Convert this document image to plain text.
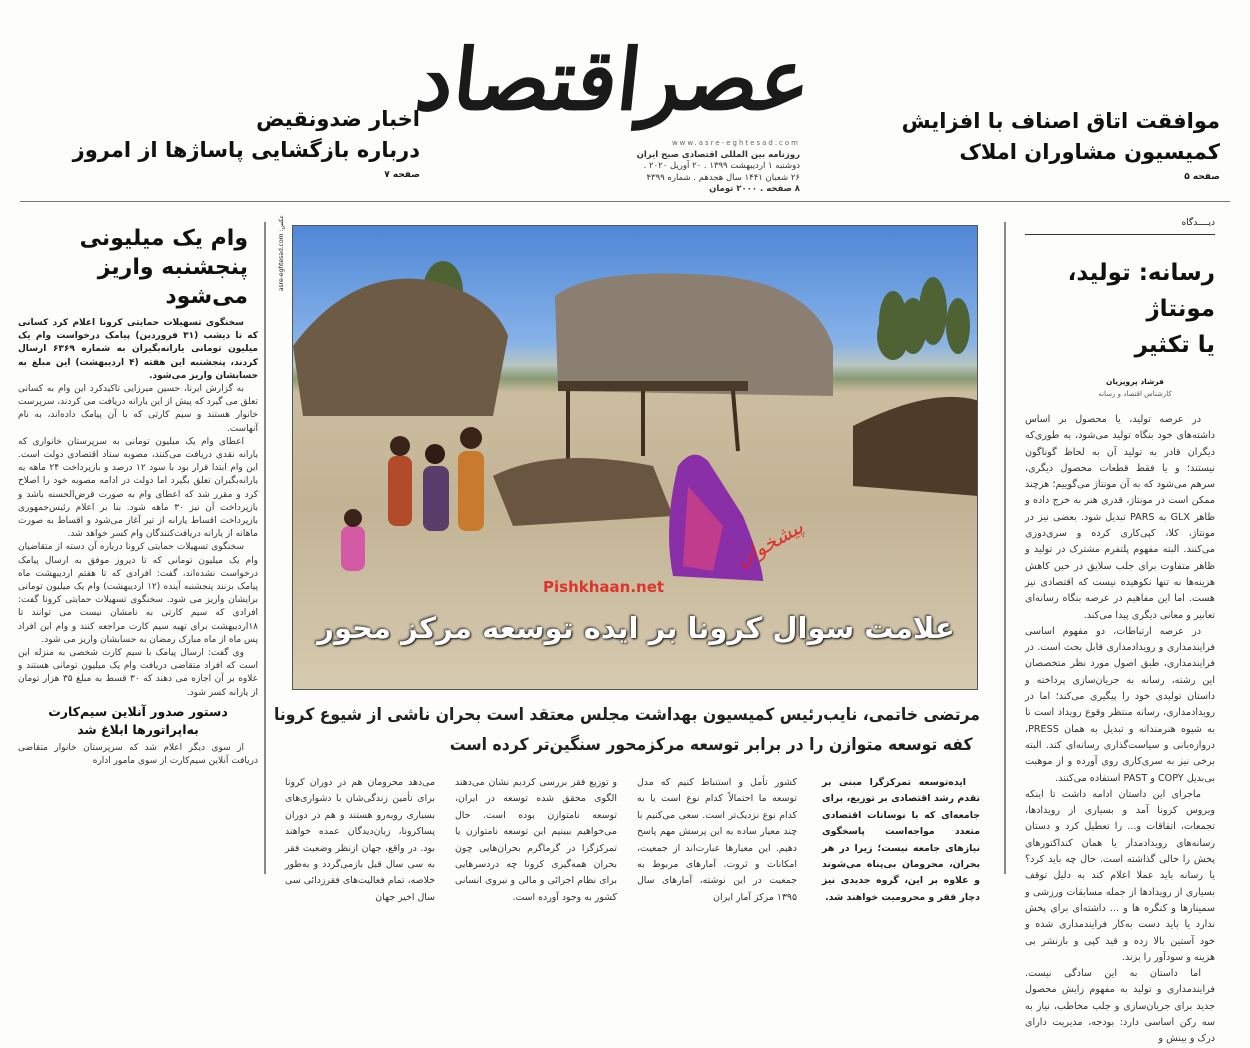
عصراقتصاد
www.asre-eghtesad.com
روزنامه بین المللی اقتصادی صبح ایران
دوشنبه ۱ اردیبهشت ۱۳۹۹ . ۲۰ آوریل ۲۰۲۰ .
۲۶ شعبان ۱۴۴۱ سال هجدهم . شماره ۴۳۹۹
۸ صفحه . ۲۰۰۰ تومان
موافقت اتاق اصناف با افزایش
کمیسیون مشاوران املاک
صفحه ۵
اخبار ضدونقیض
درباره بازگشایی پاساژها از امروز
صفحه ۷
دیــــدگاه
رسانه: تولید، مونتاژ
یا تکثیر
فرشاد پرویزیان
کارشناس اقتصاد و رسانه

در عرصه تولید، یا محصول بر اساس داشته‌های خود بنگاه تولید می‌شود، به طوری‌که دیگران قادر به تولید آن به لحاظ گوناگون نیستند؛ و یا فقط قطعات محصول دیگری، سرهم می‌شود که به آن مونتاژ می‌گوییم؛ هرچند ممکن است در مونتاژ، قدری هنر به خرج داده و ظاهر GLX به PARS تبدیل شود. بعضی نیز در مونتاژ، کلا، کپی‌کاری کرده و سری‌دوزی می‌کنند. البته مفهوم پلتفرم مشترک در تولید و ظاهر متفاوت برای جلب سلایق در حین کاهش هزینه‌ها نه تنها نکوهیده نیست که اقتصادی نیز هست. اما این مفاهیم در عرصه بنگاه رسانه‌ای تعابیر و معانی دیگری پیدا می‌کند.

در عرصه ارتباطات، دو مفهوم اساسی فرایندمداری و رویدادمداری قابل بحث است. در فرایندمداری، طبق اصول مورد نظر متخصصان این رشته، رسانه به جریان‌سازی پرداخته و داستان تولیدی خود را پیگیری می‌کند؛ اما در رویدادمداری، رسانه منتظر وقوع رویداد است تا به شیوه هنرمندانه و تبدیل به همان PRESS، دروازه‌بانی و سیاست‌گذاری رسانه‌ای کند. البته برخی نیز به سری‌کاری روی آورده و از موهبت بی‌بدیل COPY و PAST استفاده می‌کنند.

ماجرای این داستان ادامه داشت تا اینکه ویروس کرونا آمد و بسیاری از رویدادها، تجمعات، اتفاقات و... را تعطیل کرد و دستان رسانه‌های رویدادمدار یا همان کنداکتورهای پخش را خالی گذاشته است. حال چه باید کرد؟ یا رسانه باید عملا اعلام کند به دلیل توقف بسیاری از رویدادها از جمله مسابقات ورزشی و سمینارها و کنگره ها و ... داشته‌ای برای پخش ندارد یا باید دست به‌کار فرایندمداری شده و خود آستین بالا زده و قید کپی و بازنشر بی هزینه و سودآور را بزند.

اما داستان به این سادگی نیست. فرایندمداری و تولید به مفهوم زایش محصول جدید برای جریان‌سازی و جلب مخاطب، نیاز به سه رکن اساسی دارد: بودجه، مدیریت دارای درک و بینش و

وام یک میلیونی
پنجشنبه واریز
می‌شود

سخنگوی تسهیلات حمایتی کرونا اعلام کرد کسانی که تا دیشب (۳۱ فروردین) پیامک درخواست وام یک میلیون تومانی یارانه‌بگیران به شماره ۶۳۶۹ ارسال کردند، پنجشنبه این هفته (۴ اردیبهشت) این مبلغ به حسابشان واریز می‌شود.

به گزارش ایرنا، حسین میرزایی تاکیدکرد این وام به کسانی تعلق می گیرد که پیش از این یارانه دریافت می کردند، سرپرست خانوار هستند و سیم کارتی که با آن پیامک داده‌اند، به نام آنهاست.

اعطای وام یک میلیون تومانی به سرپرستان خانواری که یارانه نقدی دریافت می‌کنند، مصوبه ستاد اقتصادی دولت است. این وام ابتدا قرار بود با سود ۱۲ درصد و بازپرداخت ۲۴ ماهه به یارانه‌بگیران تعلق بگیرد اما دولت در ادامه مصوبه خود را اصلاح کرد و مقرر شد که اعطای وام به صورت قرض‌الحسنه باشد و بازپرداخت آن نیز ۳۰ ماهه شود. بنا بر اعلام رئیس‌جمهوری بازپرداخت اقساط یارانه از تیر آغاز می‌شود و اقساط به صورت ماهانه از یارانه دریافت‌کنندگان وام کسر خواهد شد.

سخنگوی تسهیلات حمایتی کرونا درباره آن دسته از متقاضیان وام یک میلیون تومانی که تا دیروز موفق به ارسال پیامک درخواست نشده‌اند، گفت: افرادی که تا هفتم اردیبهشت ماه پیامک بزنند پنجشنبه آینده (۱۲ اردیبهشت) وام یک میلیون تومانی برایشان واریز می شود. سخنگوی تسهیلات حمایتی کرونا گفت: افرادی که سیم کارتی به نامشان نیست می توانند تا ۱۸اردیبهشت برای تهیه سیم کارت مراجعه کنند و وام این افراد پس ماه از ماه مبارک رمضان به حسابشان واریز می شود.

وی گفت: ارسال پیامک با سیم کارت شخصی به منزله این است که افراد متقاضی دریافت وام یک میلیون تومانی هستند و علاوه بر آن اجازه می دهند که ۳۰ قسط به مبلغ ۳۵ هزار تومان از یارانه کسر شود.

دستور صدور آنلاین سیم‌کارت
به‌اپراتورها ابلاغ شد

از سوی دیگر اعلام شد که سرپرستان خانوار متقاضی دریافت آنلاین سیم‌کارت از سوی مامور اداره

عکس: asre-eghtesad.com
پیشخوان
Pishkhaan.net
علامت سوال کرونا بر ایده توسعه مرکز محور
مرتضی خاتمی، نایب‌رئیس کمیسیون بهداشت مجلس معتقد است بحران ناشی از شیوع کرونا
کفه توسعه متوازن را در برابر توسعه مرکزمحور سنگین‌تر کرده است

ایده‌توسعه تمرکزگرا مبنی بر تقدم رشد اقتصادی بر توزیع، برای جامعه‌ای که با نوسانات اقتصادی متعدد مواجه‌است پاسخگوی نیازهای جامعه نیست؛ زیرا در هر بحران، محرومان بی‌پناه می‌شوند و علاوه بر این، گروه جدیدی نیز دچار فقر و محرومیت خواهند شد.

کشور تأمل و استنباط کنیم که مدل توسعه ما احتمالاً کدام نوع است یا به کدام نوع نزدیک‌تر است. سعی می‌کنیم با چند معیار ساده به این پرسش مهم پاسخ دهیم. این معیارها عبارت‌اند از جمعیت، امکانات و ثروت. آمارهای مربوط به جمعیت در این نوشته، آمارهای سال ۱۳۹۵ مرکز آمار ایران
و توزیع فقر بررسی کردیم نشان می‌دهند الگوی محقق شده توسعه در ایران، توسعه نامتوازن بوده است. حال می‌خواهیم ببینیم این توسعه نامتوازن یا تمرکزگرا در گرماگرم بحران‌هایی چون بحران همه‌گیری کرونا چه دردسرهایی برای نظام اجرائی و مالی و نیروی انسانی کشور به وجود آورده است.
می‌دهد محرومان هم در دوران کرونا برای تأمین زندگی‌شان با دشواری‌های بسیاری روبه‌رو هستند و هم در دوران پساکرونا، زیان‌دیدگان عمده خواهند بود. در واقع، جهان ازنظر وضعیت فقر به سی سال قبل بازمی‌گردد و به‌طور خلاصه، تمام فعالیت‌های فقرزدائی سی سال اخیر جهان
